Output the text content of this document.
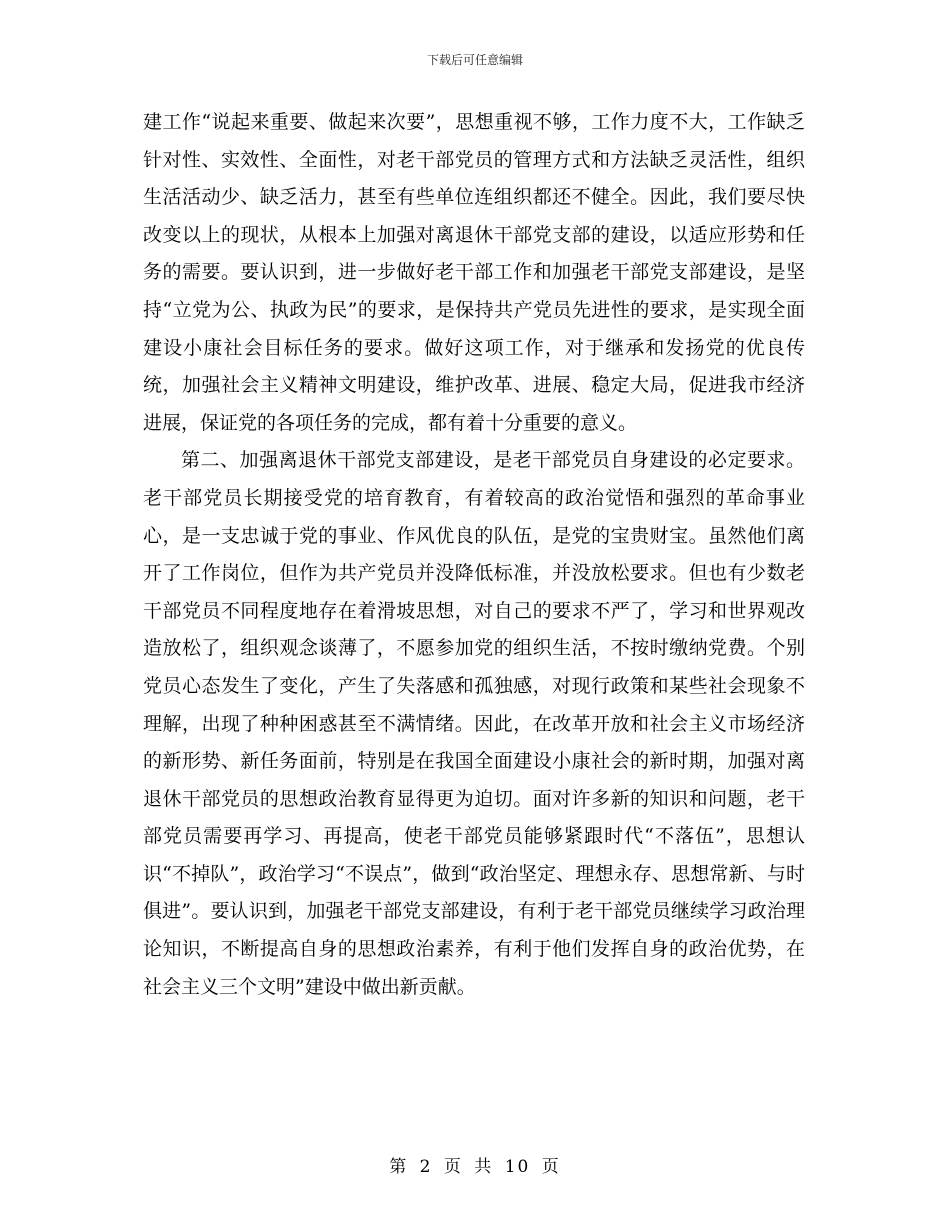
下载后可任意编辑

建工作“说起来重要、做起来次要”，思想重视不够，工作力度不大，工作缺乏针对性、实效性、全面性，对老干部党员的管理方式和方法缺乏灵活性，组织生活活动少、缺乏活力，甚至有些单位连组织都还不健全。因此，我们要尽快改变以上的现状，从根本上加强对离退休干部党支部的建设，以适应形势和任务的需要。要认识到，进一步做好老干部工作和加强老干部党支部建设，是坚持“立党为公、执政为民”的要求，是保持共产党员先进性的要求，是实现全面建设小康社会目标任务的要求。做好这项工作，对于继承和发扬党的优良传统，加强社会主义精神文明建设，维护改革、进展、稳定大局，促进我市经济进展，保证党的各项任务的完成，都有着十分重要的意义。

第二、加强离退休干部党支部建设，是老干部党员自身建设的必定要求。老干部党员长期接受党的培育教育，有着较高的政治觉悟和强烈的革命事业心，是一支忠诚于党的事业、作风优良的队伍，是党的宝贵财宝。虽然他们离开了工作岗位，但作为共产党员并没降低标准，并没放松要求。但也有少数老干部党员不同程度地存在着滑坡思想，对自己的要求不严了，学习和世界观改造放松了，组织观念谈薄了，不愿参加党的组织生活，不按时缴纳党费。个别党员心态发生了变化，产生了失落感和孤独感，对现行政策和某些社会现象不理解，出现了种种困惑甚至不满情绪。因此，在改革开放和社会主义市场经济的新形势、新任务面前，特别是在我国全面建设小康社会的新时期，加强对离退休干部党员的思想政治教育显得更为迫切。面对许多新的知识和问题，老干部党员需要再学习、再提高，使老干部党员能够紧跟时代“不落伍”，思想认识“不掉队”，政治学习“不误点”，做到“政治坚定、理想永存、思想常新、与时俱进”。要认识到，加强老干部党支部建设，有利于老干部党员继续学习政治理论知识，不断提高自身的思想政治素养，有利于他们发挥自身的政治优势，在社会主义三个文明”建设中做出新贡献。

第 2 页 共 10 页
